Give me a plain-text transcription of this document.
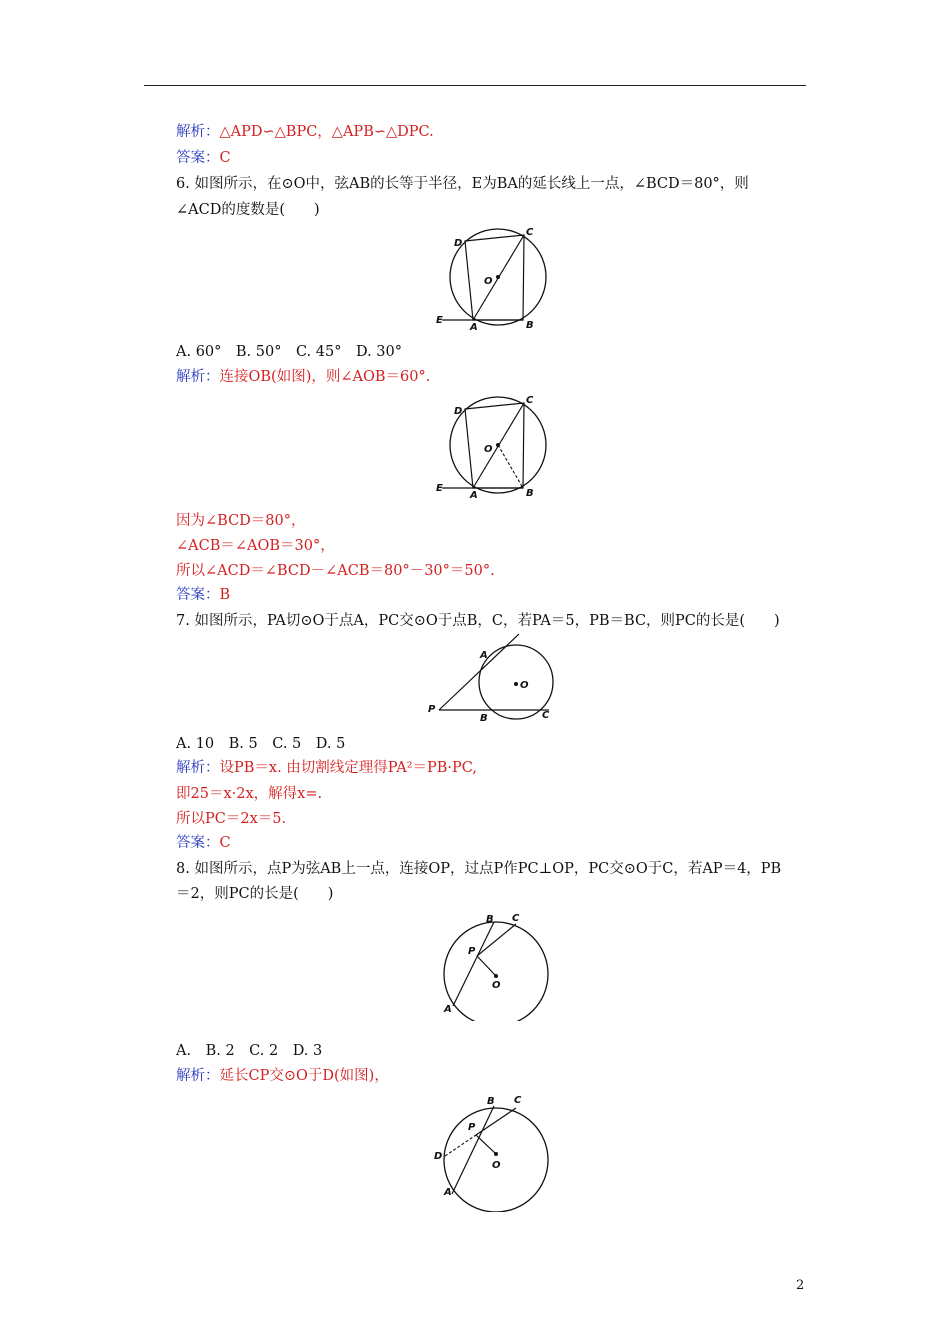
解析：△APD∽△BPC，△APB∽△DPC.
答案：C
6. 如图所示，在⊙O中，弦AB的长等于半径，E为BA的延长线上一点，∠BCD＝80°，则
∠ACD的度数是(　　)
D
C
O
E
A	B
A. 60°　B. 50°　C. 45°　D. 30°
解析：连接OB(如图)，则∠AOB＝60°.
D
C
O
E
A	B
因为∠BCD＝80°，
∠ACB＝∠AOB＝30°，
所以∠ACD＝∠BCD－∠ACB＝80°－30°＝50°.
答案：B
7. 如图所示，PA切⊙O于点A，PC交⊙O于点B，C，若PA＝5，PB＝BC，则PC的长是(　　)
A
O
P
B	C
A. 10　B. 5　C. 5　D. 5
解析：设PB＝x. 由切割线定理得PA²＝PB·PC,
即25＝x·2x，解得x=.
所以PC＝2x＝5.
答案：C
8. 如图所示，点P为弦AB上一点，连接OP，过点P作PC⊥OP，PC交⊙O于C，若AP＝4，PB
＝2，则PC的长是(　　)
B C
P
O
A
A.　B. 2　C. 2　D. 3
解析：延长CP交⊙O于D(如图)，
B C
P
D
O
A
2
